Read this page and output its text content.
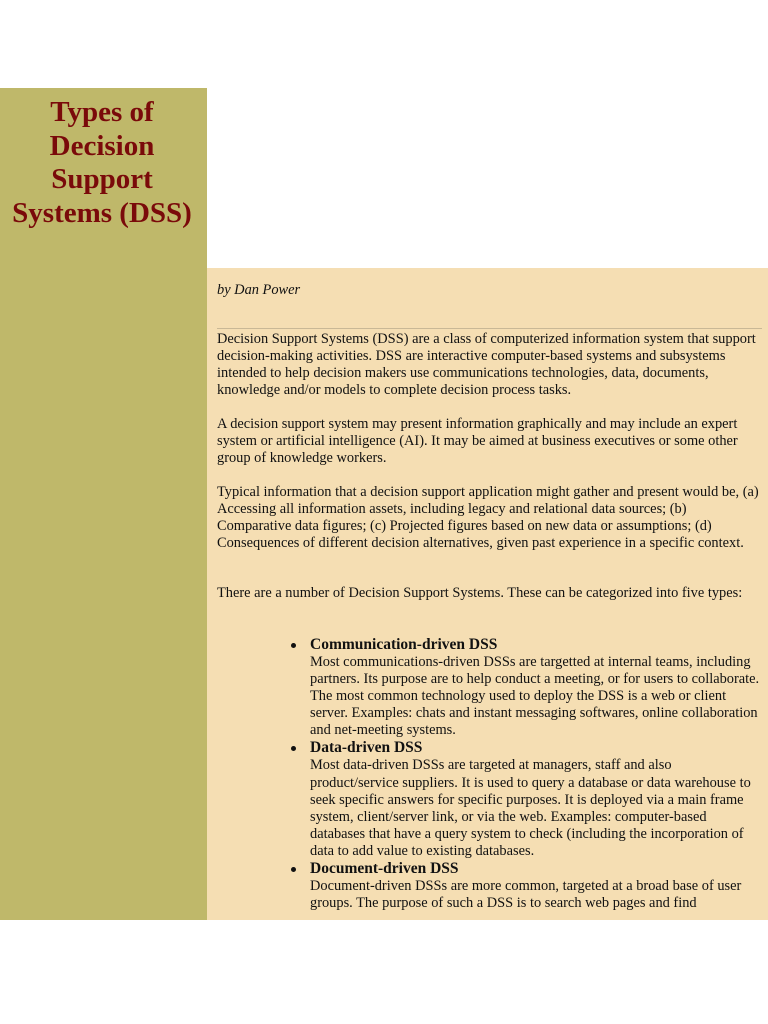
Types of Decision Support Systems (DSS)
by Dan Power

Decision Support Systems (DSS) are a class of computerized information system that support decision-making activities. DSS are interactive computer-based systems and subsystems intended to help decision makers use communications technologies, data, documents, knowledge and/or models to complete decision process tasks.

A decision support system may present information graphically and may include an expert system or artificial intelligence (AI). It may be aimed at business executives or some other group of knowledge workers.

Typical information that a decision support application might gather and present would be, (a) Accessing all information assets, including legacy and relational data sources; (b) Comparative data figures; (c) Projected figures based on new data or assumptions; (d) Consequences of different decision alternatives, given past experience in a specific context.

There are a number of Decision Support Systems. These can be categorized into five types:

Communication-driven DSS
Most communications-driven DSSs are targetted at internal teams, including partners. Its purpose are to help conduct a meeting, or for users to collaborate. The most common technology used to deploy the DSS is a web or client server. Examples: chats and instant messaging softwares, online collaboration and net-meeting systems.
Data-driven DSS
Most data-driven DSSs are targeted at managers, staff and also product/service suppliers. It is used to query a database or data warehouse to seek specific answers for specific purposes. It is deployed via a main frame system, client/server link, or via the web. Examples: computer-based databases that have a query system to check (including the incorporation of data to add value to existing databases.
Document-driven DSS
Document-driven DSSs are more common, targeted at a broad base of user groups. The purpose of such a DSS is to search web pages and find
